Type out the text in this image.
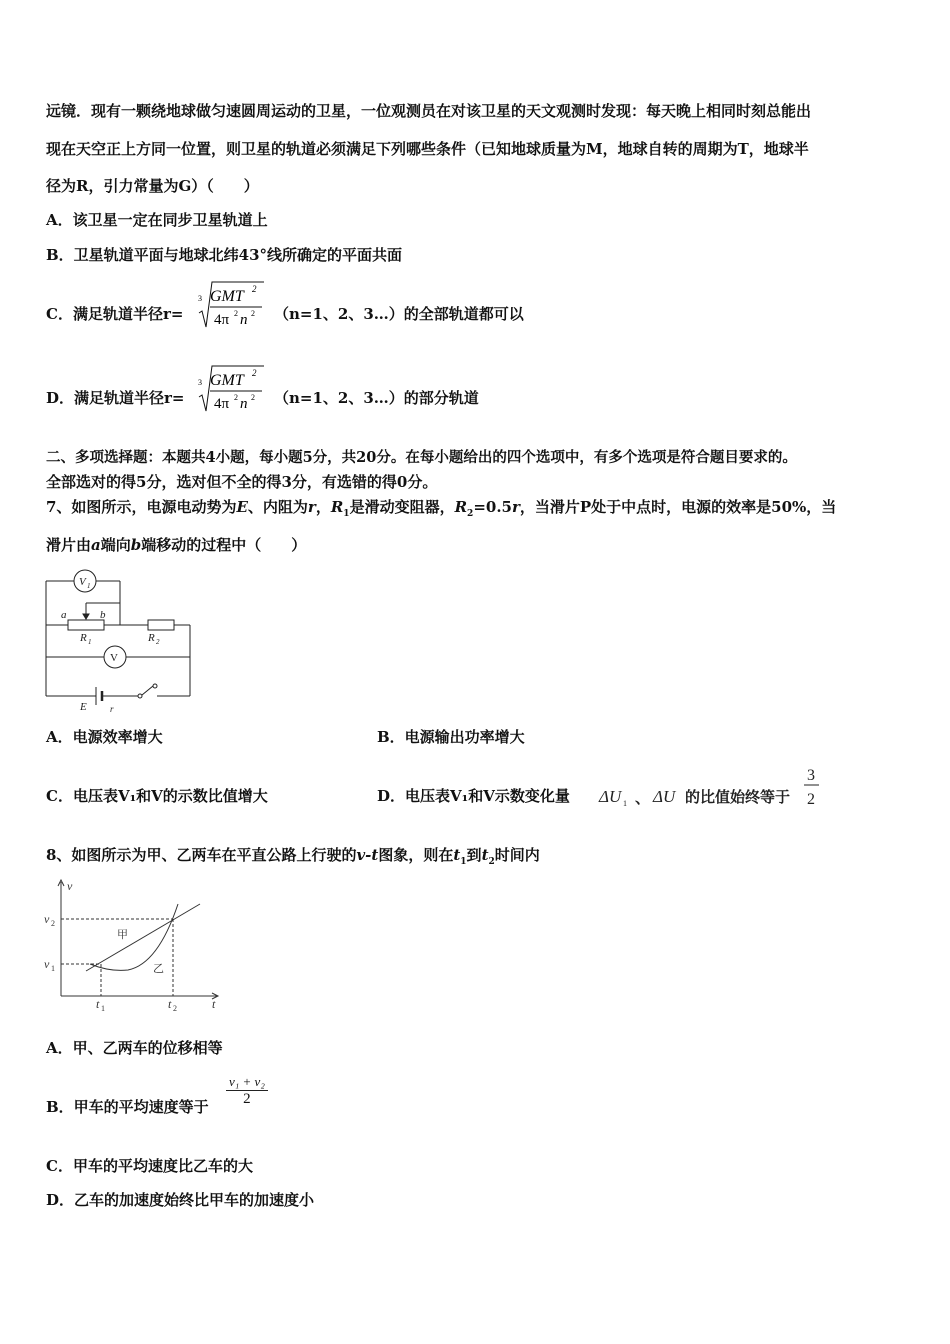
远镜．现有一颗绕地球做匀速圆周运动的卫星，一位观测员在对该卫星的天文观测时发现：每天晚上相同时刻总能出
现在天空正上方同一位置，则卫星的轨道必须满足下列哪些条件（已知地球质量为M，地球自转的周期为T，地球半
径为R，引力常量为G）（　　）
A．该卫星一定在同步卫星轨道上
B．卫星轨道平面与地球北纬43°线所确定的平面共面
C．满足轨道半径r=
3 GMT 2
4π 2 n 2 （n=1、2、3…）的全部轨道都可以
D．满足轨道半径r=
3 GMT 2
4π 2 n 2 （n=1、2、3…）的部分轨道
二、多项选择题：本题共4小题，每小题5分，共20分。在每小题给出的四个选项中，有多个选项是符合题目要求的。
全部选对的得5分，选对但不全的得3分，有选错的得0分。
7、如图所示，电源电动势为E、内阻为r，$R_1$是滑动变阻器，$R_2=0.5r$，当滑片P处于中点时，电源的效率是50%，当
滑片由a端向b端移动的过程中（　　）
V 1
a	b
R 1	R 2
V
E	r
A．电源效率增大	B．电源输出功率增大
C．电压表V₁和V的示数比值增大	D．电压表V₁和V示数变化量 ΔU 1 、 ΔU 的比值始终等于
3
2
8、如图所示为甲、乙两车在平直公路上行驶的v-t图象，则在$t_1$到$t_2$时间内
v
t
v 2
v 1
t 1	t 2
甲
乙
A．甲、乙两车的位移相等
B．甲车的平均速度等于
v₁ + v₂
2
C．甲车的平均速度比乙车的大
D．乙车的加速度始终比甲车的加速度小
